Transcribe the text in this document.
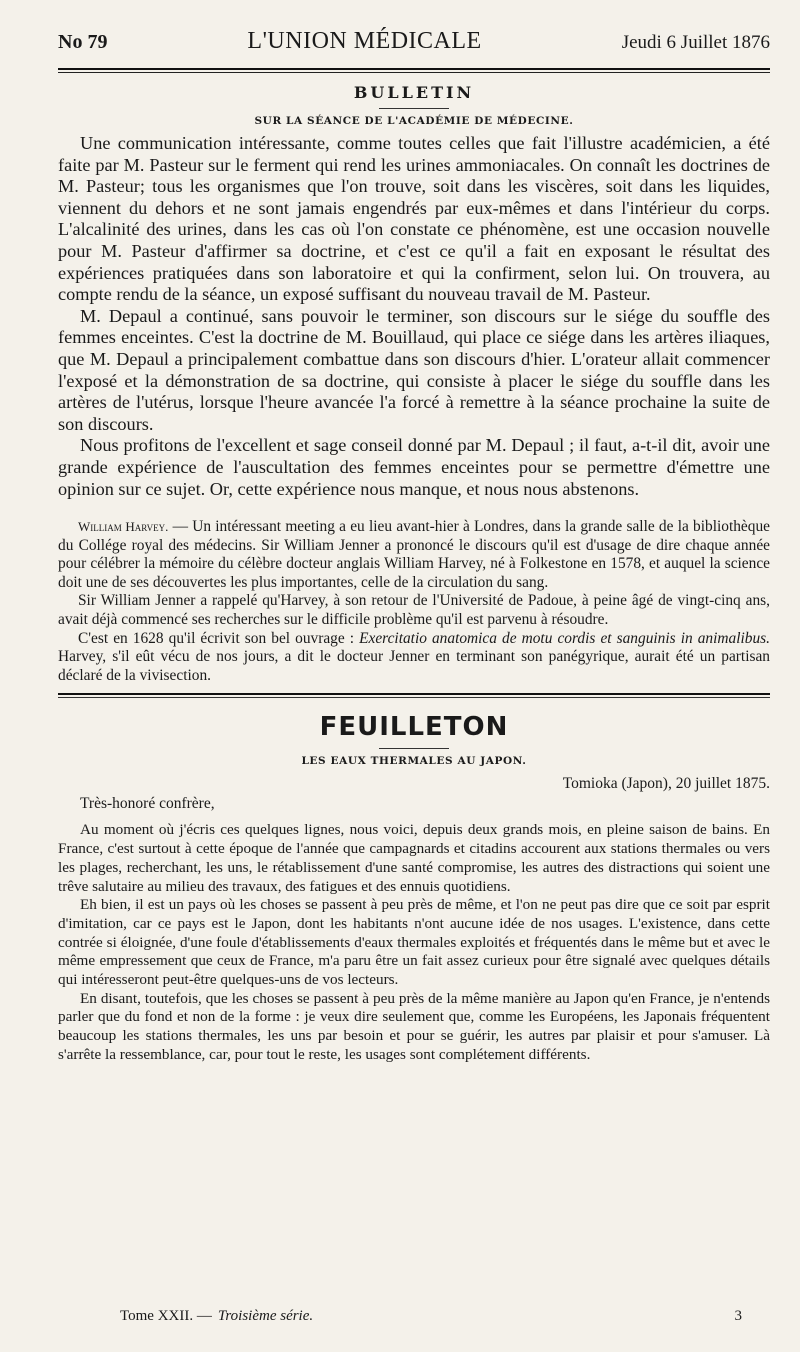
No 79	L'UNION MÉDICALE	Jeudi 6 Juillet 1876
BULLETIN
SUR LA SÉANCE DE L'ACADÉMIE DE MÉDECINE.

Une communication intéressante, comme toutes celles que fait l'illustre académicien, a été faite par M. Pasteur sur le ferment qui rend les urines ammoniacales. On connaît les doctrines de M. Pasteur; tous les organismes que l'on trouve, soit dans les viscères, soit dans les liquides, viennent du dehors et ne sont jamais engendrés par eux-mêmes et dans l'intérieur du corps. L'alcalinité des urines, dans les cas où l'on constate ce phénomène, est une occasion nouvelle pour M. Pasteur d'affirmer sa doctrine, et c'est ce qu'il a fait en exposant le résultat des expériences pratiquées dans son laboratoire et qui la confirment, selon lui. On trouvera, au compte rendu de la séance, un exposé suffisant du nouveau travail de M. Pasteur.

M. Depaul a continué, sans pouvoir le terminer, son discours sur le siége du souffle des femmes enceintes. C'est la doctrine de M. Bouillaud, qui place ce siége dans les artères iliaques, que M. Depaul a principalement combattue dans son discours d'hier. L'orateur allait commencer l'exposé et la démonstration de sa doctrine, qui consiste à placer le siége du souffle dans les artères de l'utérus, lorsque l'heure avancée l'a forcé à remettre à la séance prochaine la suite de son discours.

Nous profitons de l'excellent et sage conseil donné par M. Depaul ; il faut, a-t-il dit, avoir une grande expérience de l'auscultation des femmes enceintes pour se permettre d'émettre une opinion sur ce sujet. Or, cette expérience nous manque, et nous nous abstenons.

William Harvey. — Un intéressant meeting a eu lieu avant-hier à Londres, dans la grande salle de la bibliothèque du Collége royal des médecins. Sir William Jenner a prononcé le discours qu'il est d'usage de dire chaque année pour célébrer la mémoire du célèbre docteur anglais William Harvey, né à Folkestone en 1578, et auquel la science doit une de ses découvertes les plus importantes, celle de la circulation du sang.

Sir William Jenner a rappelé qu'Harvey, à son retour de l'Université de Padoue, à peine âgé de vingt-cinq ans, avait déjà commencé ses recherches sur le difficile problème qu'il est parvenu à résoudre.

C'est en 1628 qu'il écrivit son bel ouvrage : Exercitatio anatomica de motu cordis et sanguinis in animalibus. Harvey, s'il eût vécu de nos jours, a dit le docteur Jenner en terminant son panégyrique, aurait été un partisan déclaré de la vivisection.

FEUILLETON
LES EAUX THERMALES AU JAPON.
Tomioka (Japon), 20 juillet 1875.
Très-honoré confrère,

Au moment où j'écris ces quelques lignes, nous voici, depuis deux grands mois, en pleine saison de bains. En France, c'est surtout à cette époque de l'année que campagnards et citadins accourent aux stations thermales ou vers les plages, recherchant, les uns, le rétablissement d'une santé compromise, les autres des distractions qui soient une trêve salutaire au milieu des travaux, des fatigues et des ennuis quotidiens.

Eh bien, il est un pays où les choses se passent à peu près de même, et l'on ne peut pas dire que ce soit par esprit d'imitation, car ce pays est le Japon, dont les habitants n'ont aucune idée de nos usages. L'existence, dans cette contrée si éloignée, d'une foule d'établissements d'eaux thermales exploités et fréquentés dans le même but et avec le même empressement que ceux de France, m'a paru être un fait assez curieux pour être signalé avec quelques détails qui intéresseront peut-être quelques-uns de vos lecteurs.

En disant, toutefois, que les choses se passent à peu près de la même manière au Japon qu'en France, je n'entends parler que du fond et non de la forme : je veux dire seulement que, comme les Européens, les Japonais fréquentent beaucoup les stations thermales, les uns par besoin et pour se guérir, les autres par plaisir et pour s'amuser. Là s'arrête la ressemblance, car, pour tout le reste, les usages sont complétement différents.

Tome XXII. — Troisième série.	3
